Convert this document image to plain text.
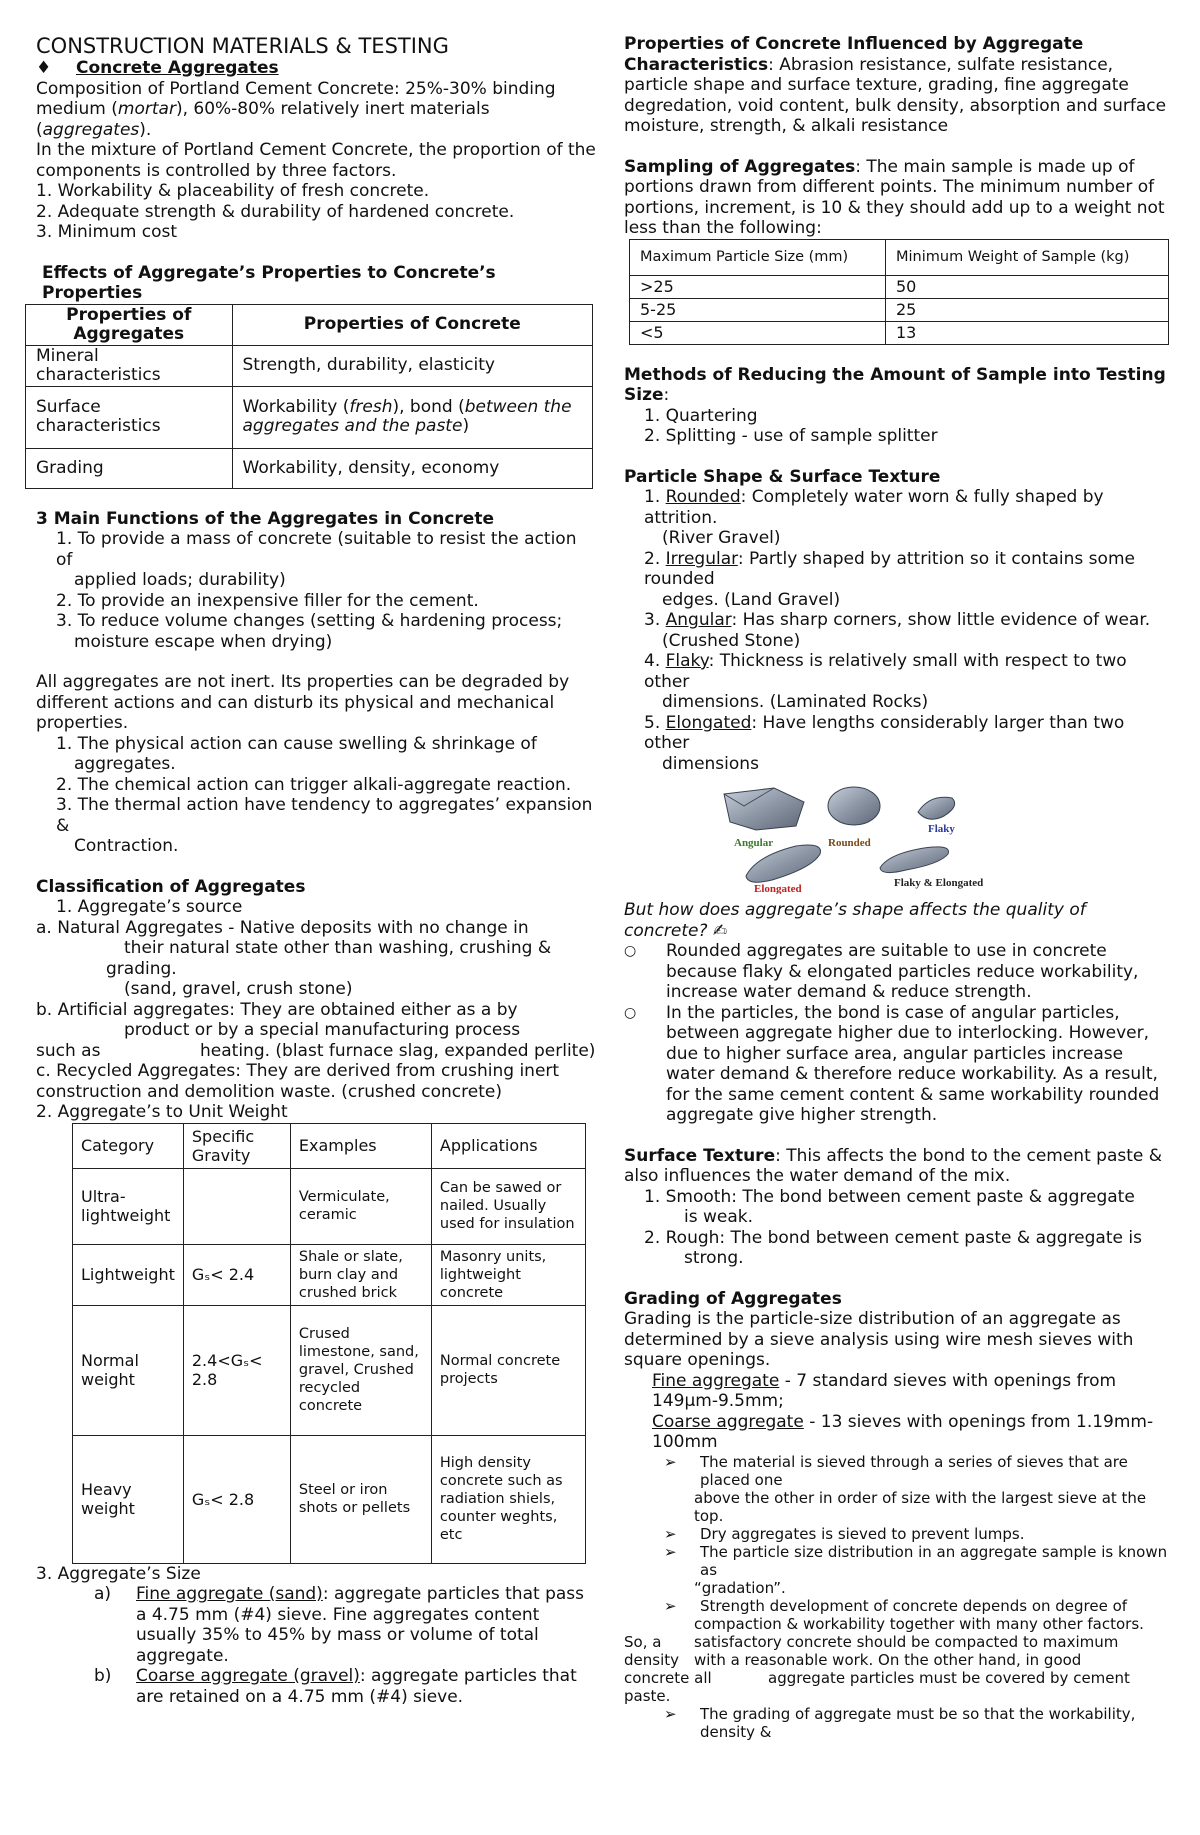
CONSTRUCTION MATERIALS & TESTING

♦ Concrete Aggregates

Composition of Portland Cement Concrete: 25%-30% binding medium (mortar), 60%-80% relatively inert materials (aggregates).

In the mixture of Portland Cement Concrete, the proportion of the

components is controlled by three factors.

1. Workability & placeability of fresh concrete.

2. Adequate strength & durability of hardened concrete.

3. Minimum cost

Effects of Aggregate’s Properties to Concrete’s Properties

Properties of Aggregates	Properties of Concrete
Mineral characteristics	Strength, durability, elasticity
Surface characteristics	Workability (fresh), bond (between the aggregates and the paste)
Grading	Workability, density, economy

3 Main Functions of the Aggregates in Concrete

1. To provide a mass of concrete (suitable to resist the action of

applied loads; durability)

2. To provide an inexpensive filler for the cement.

3. To reduce volume changes (setting & hardening process;

moisture escape when drying)

All aggregates are not inert. Its properties can be degraded by different actions and can disturb its physical and mechanical properties.

1. The physical action can cause swelling & shrinkage of

aggregates.

2. The chemical action can trigger alkali-aggregate reaction.

3. The thermal action have tendency to aggregates’ expansion &

Contraction.

Classification of Aggregates

1. Aggregate’s source

a. Natural Aggregates - Native deposits with no change in

their natural state other than washing, crushing &

grading.

(sand, gravel, crush stone)

b. Artificial aggregates: They are obtained either as a by

product or by a special manufacturing process

such as	heating. (blast furnace slag, expanded perlite)

c. Recycled Aggregates: They are derived from crushing inert construction and demolition waste. (crushed concrete)

2. Aggregate’s to Unit Weight

Category	Specific Gravity	Examples	Applications
Ultra-lightweight		Vermiculate, ceramic	Can be sawed or nailed. Usually used for insulation
Lightweight	Gₛ< 2.4	Shale or slate, burn clay and crushed brick	Masonry units, lightweight concrete
Normal weight	2.4<Gₛ< 2.8	Crused limestone, sand, gravel, Crushed recycled concrete	Normal concrete projects
Heavy weight	Gₛ< 2.8	Steel or iron shots or pellets	High density concrete such as radiation shiels, counter weghts, etc

3. Aggregate’s Size

a)	Fine aggregate (sand): aggregate particles that pass a 4.75 mm (#4) sieve. Fine aggregates content usually 35% to 45% by mass or volume of total aggregate.
b)	Coarse aggregate (gravel): aggregate particles that are retained on a 4.75 mm (#4) sieve.

Properties of Concrete Influenced by Aggregate Characteristics: Abrasion resistance, sulfate resistance, particle shape and surface texture, grading, fine aggregate degredation, void content, bulk density, absorption and surface moisture, strength, & alkali resistance

Sampling of Aggregates: The main sample is made up of portions drawn from different points. The minimum number of portions, increment, is 10 & they should add up to a weight not less than the following:

Maximum Particle Size (mm)	Minimum Weight of Sample (kg)
>25	50
5-25	25
<5	13

Methods of Reducing the Amount of Sample into Testing Size:

1. Quartering

2. Splitting - use of sample splitter

Particle Shape & Surface Texture

1. Rounded: Completely water worn & fully shaped by attrition.

(River Gravel)

2. Irregular: Partly shaped by attrition so it contains some rounded

edges. (Land Gravel)

3. Angular: Has sharp corners, show little evidence of wear.

(Crushed Stone)

4. Flaky: Thickness is relatively small with respect to two other

dimensions. (Laminated Rocks)

5. Elongated: Have lengths considerably larger than two other

dimensions

Angular	Rounded
Flaky
Elongated	Flaky & Elongated

But how does aggregate’s shape affects the quality of concrete? ✍

○	Rounded aggregates are suitable to use in concrete because flaky & elongated particles reduce workability, increase water demand & reduce strength.
○	In the particles, the bond is case of angular particles, between aggregate higher due to interlocking. However, due to higher surface area, angular particles increase water demand & therefore reduce workability. As a result, for the same cement content & same workability rounded aggregate give higher strength.

Surface Texture: This affects the bond to the cement paste & also influences the water demand of the mix.

1. Smooth: The bond between cement paste & aggregate

is weak.

2. Rough: The bond between cement paste & aggregate is

strong.

Grading of Aggregates

Grading is the particle-size distribution of an aggregate as determined by a sieve analysis using wire mesh sieves with square openings.

Fine aggregate - 7 standard sieves with openings from 149μm-9.5mm;

Coarse aggregate - 13 sieves with openings from 1.19mm-100mm

➢	The material is sieved through a series of sieves that are placed one

above the other in order of size with the largest sieve at the top.

➢	Dry aggregates is sieved to prevent lumps.
➢	The particle size distribution in an aggregate sample is known as

“gradation”.

➢	Strength development of concrete depends on degree of

compaction & workability together with many other factors.

So, a satisfactory concrete should be compacted to maximum

density with a reasonable work. On the other hand, in good

concrete all	aggregate particles must be covered by cement

paste.

➢	The grading of aggregate must be so that the workability,

density &
